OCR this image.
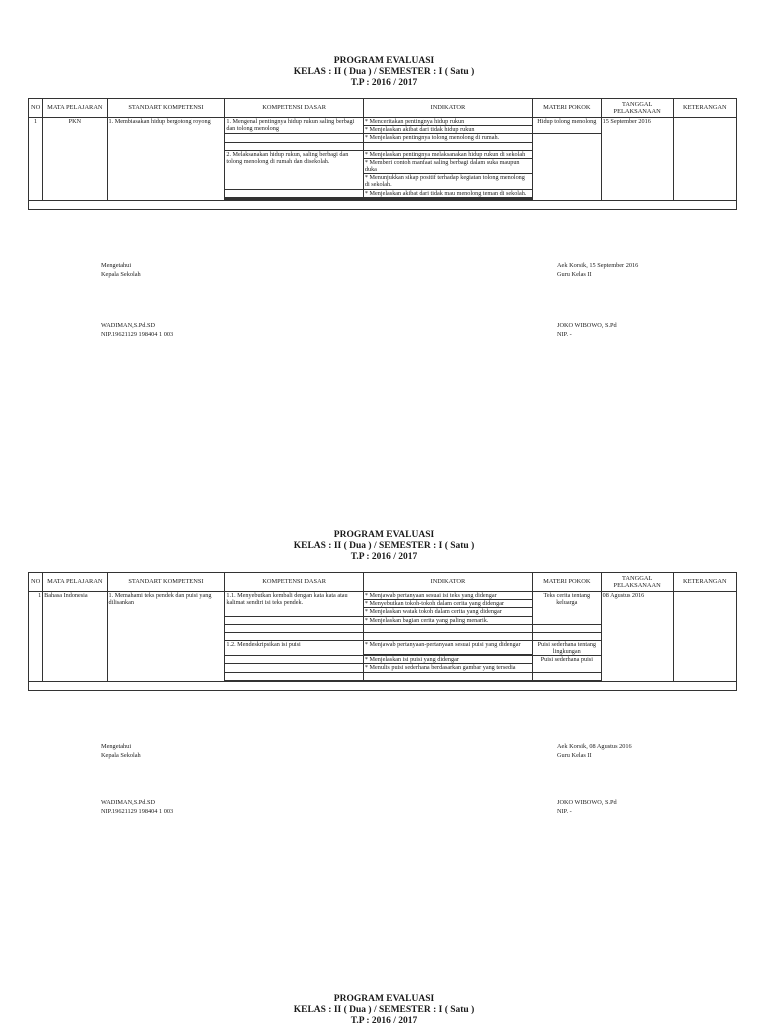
PROGRAM EVALUASI
KELAS : II ( Dua ) / SEMESTER : I ( Satu )
T.P : 2016 / 2017
NO	MATA PELAJARAN	STANDART KOMPETENSI	KOMPETENSI DASAR	INDIKATOR	MATERI POKOK	TANGGAL PELAKSANAAN	KETERANGAN
1	PKN	1. Membiasakan hidup bergotong royong	1. Mengenal pentingnya hidup rukun saling berbagi dan tolong menolong	* Menceritakan pentingnya hidup rukun	Hidup tolong menolong	15 September 2016	
				* Menjelaskan akibat dari tidak hidup rukun			
				* Menjelaskan pentingnya tolong menolong di rumah.			

			2. Melaksanakan hidup rukun, saling berbagi dan tolong menolong di rumah dan disekolah.	* Menjelaskan pentingnya melaksanakan hidup rukun di sekolah			
				* Memberi contoh manfaat saling berbagi dalam suka maupun duka			
				* Menunjukkan sikap positif terhadap kegiatan tolong menolong di sekolah.			
				* Menjelaskan akibat dari tidak mau menolong teman di sekolah.			

Mengetahui
Kepala Sekolah
Aek Korsik, 15 September 2016
Guru Kelas II
WADIMAN,S.Pd.SD
NIP.19621129 198404 1 003
JOKO WIBOWO, S.Pd
NIP. -
PROGRAM EVALUASI
KELAS : II ( Dua ) / SEMESTER : I ( Satu )
T.P : 2016 / 2017
NO	MATA PELAJARAN	STANDART KOMPETENSI	KOMPETENSI DASAR	INDIKATOR	MATERI POKOK	TANGGAL PELAKSANAAN	KETERANGAN
1	Bahasa Indonesia	1. Memahami teks pendek dan puisi yang dilisankan	1.1. Menyebutkan kembali dengan kata kata atau kalimat sendiri isi teks pendek.	* Menjawab pertanyaan sesuai isi teks yang didengar	Teks cerita tentang keluarga	08 Agustus 2016	
				* Menyebutkan tokoh-tokoh dalam cerita yang didengar			
				* Menjelaskan watak tokoh dalam cerita yang didengar			
				* Menjelaskan bagian cerita yang paling menarik.			

			1.2. Mendeskripsikan isi puisi	* Menjawab pertanyaan-pertanyaan sesuai puisi yang didengar	Puisi sederhana tentang lingkungan		

				* Menjelaskan isi puisi yang didengar	Puisi sederhana puisi		
				* Menulis puisi sederhana berdasarkan gambar yang tersedia			

Mengetahui
Kepala Sekolah
Aek Korsik, 08 Agustus 2016
Guru Kelas II
WADIMAN,S.Pd.SD
NIP.19621129 198404 1 003
JOKO WIBOWO, S.Pd
NIP. -
PROGRAM EVALUASI
KELAS : II ( Dua ) / SEMESTER : I ( Satu )
T.P : 2016 / 2017
